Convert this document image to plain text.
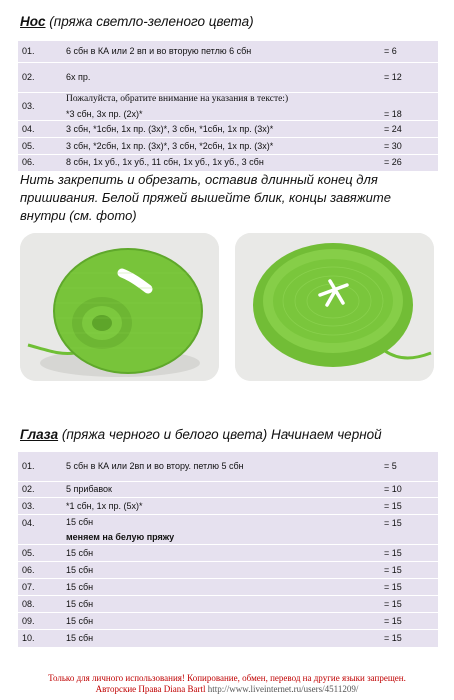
Нос (пряжа светло-зеленого цвета)
01.	6 сбн в КА или 2 вп и во вторую петлю 6 сбн	= 6
02.	6х пр.	= 12
03.	Пожалуйста, обратите внимание на указания в тексте:)
*3 сбн, 3х пр. (2х)*	= 18
04.	3 сбн, *1сбн, 1х пр. (3х)*, 3 сбн, *1сбн, 1х пр. (3х)*	= 24
05.	3 сбн, *2сбн, 1х пр. (3х)*, 3 сбн, *2сбн, 1х пр. (3х)*	= 30
06.	8 сбн, 1х уб., 1х уб., 11 сбн, 1х уб., 1х уб., 3 сбн	= 26
Нить закрепить и обрезать, оставив длинный конец для пришивания. Белой пряжей вышейте блик, концы завяжите внутри (см. фото)
Глаза (пряжа черного и белого цвета) Начинаем черной
01.	5 сбн в КА или 2вп и во втору. петлю 5 сбн	= 5
02.	5 прибавок	= 10
03.	*1 сбн, 1х пр. (5х)*	= 15
04.	15 сбн
меняем на белую пряжу	= 15
05.	15 сбн	= 15
06.	15 сбн	= 15
07.	15 сбн	= 15
08.	15 сбн	= 15
09.	15 сбн	= 15
10.	15 сбн	= 15
Только для личного использования! Копирование, обмен, перевод на другие языки запрещен.
Авторские Права Diana Bartl http://www.liveinternet.ru/users/4511209/
